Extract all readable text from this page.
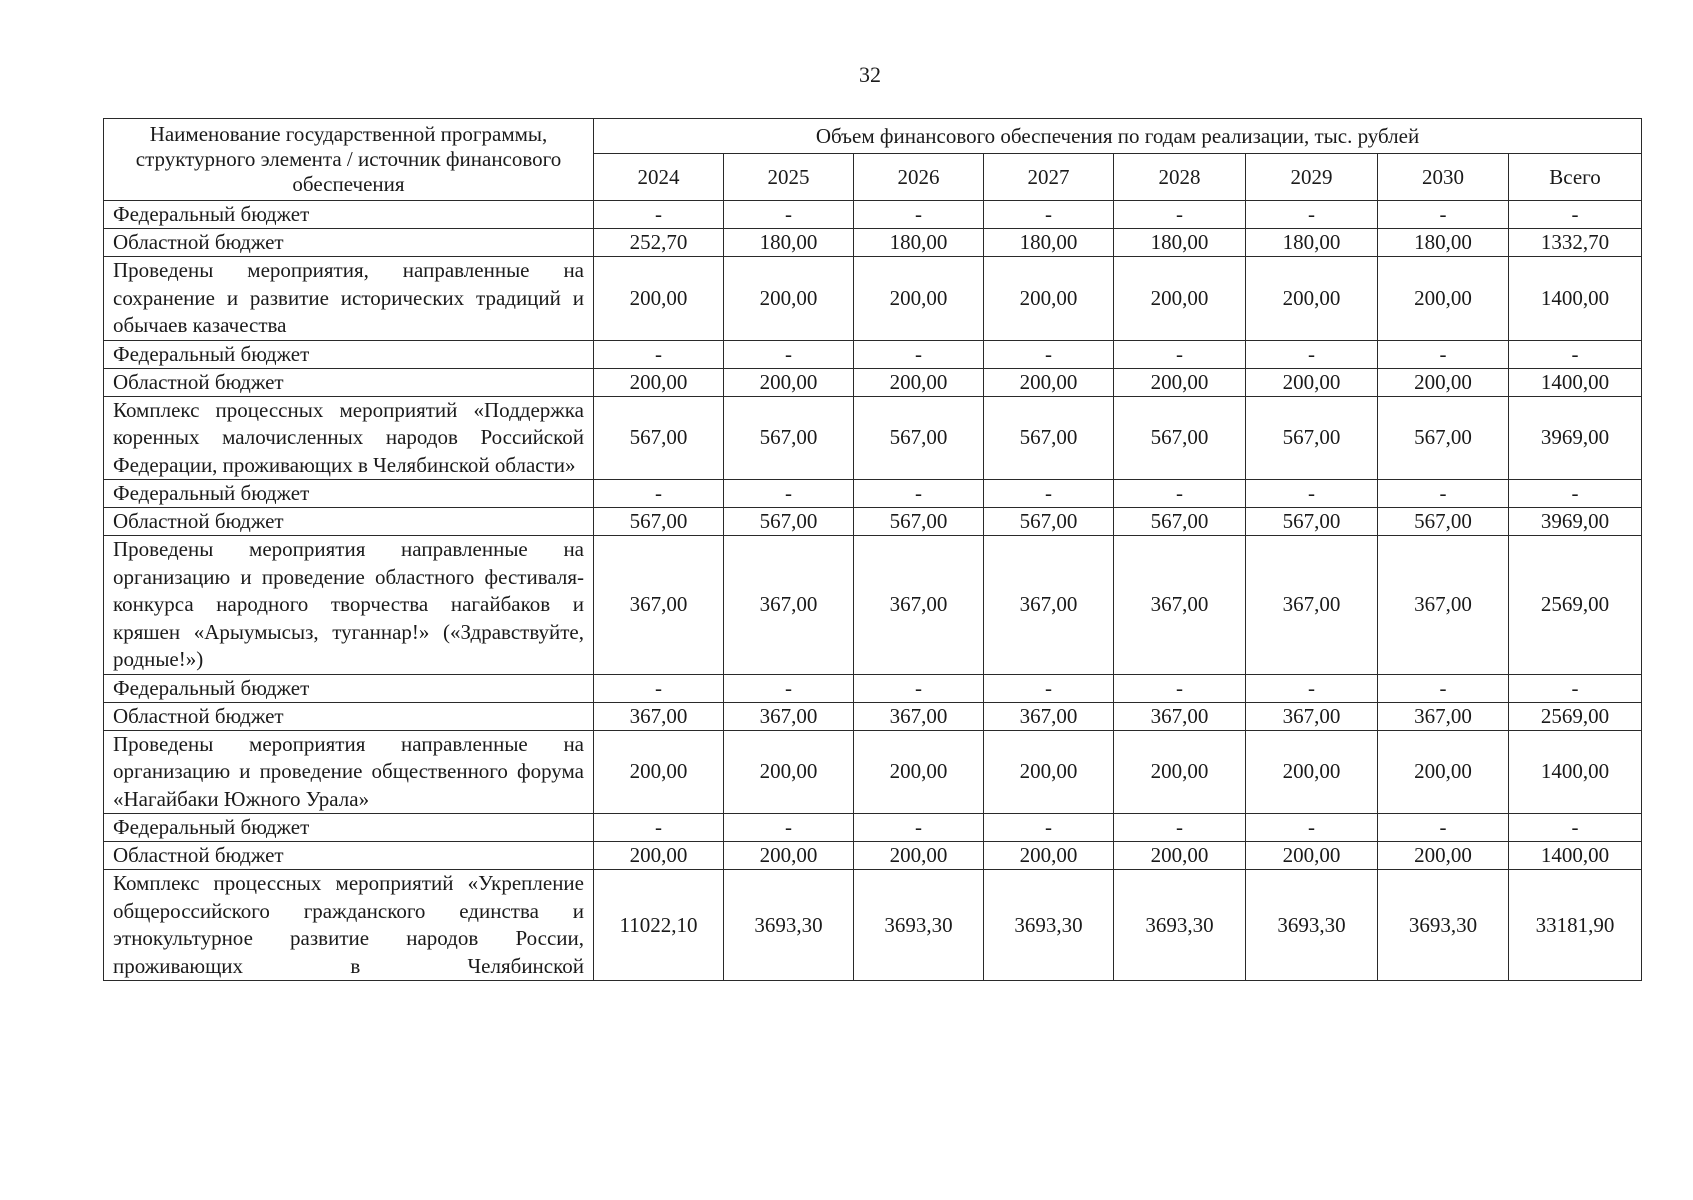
32
Наименование государственной программы, структурного элемента / источник финансового обеспечения	Объем финансового обеспечения по годам реализации, тыс. рублей							
	2024	2025	2026	2027	2028	2029	2030	Всего
Федеральный бюджет	-	-	-	-	-	-	-	-
Областной бюджет	252,70	180,00	180,00	180,00	180,00	180,00	180,00	1332,70
Проведены мероприятия, направленные на сохранение и развитие исторических традиций и обычаев казачества	200,00	200,00	200,00	200,00	200,00	200,00	200,00	1400,00
Федеральный бюджет	-	-	-	-	-	-	-	-
Областной бюджет	200,00	200,00	200,00	200,00	200,00	200,00	200,00	1400,00
Комплекс процессных мероприятий «Поддержка коренных малочисленных народов Российской Федерации, проживающих в Челябинской области»	567,00	567,00	567,00	567,00	567,00	567,00	567,00	3969,00
Федеральный бюджет	-	-	-	-	-	-	-	-
Областной бюджет	567,00	567,00	567,00	567,00	567,00	567,00	567,00	3969,00
Проведены мероприятия направленные на организацию и проведение областного фестиваля-конкурса народного творчества нагайбаков и кряшен «Арыумысыз, туганнар!» («Здравствуйте, родные!»)	367,00	367,00	367,00	367,00	367,00	367,00	367,00	2569,00
Федеральный бюджет	-	-	-	-	-	-	-	-
Областной бюджет	367,00	367,00	367,00	367,00	367,00	367,00	367,00	2569,00
Проведены мероприятия направленные на организацию и проведение общественного форума «Нагайбаки Южного Урала»	200,00	200,00	200,00	200,00	200,00	200,00	200,00	1400,00
Федеральный бюджет	-	-	-	-	-	-	-	-
Областной бюджет	200,00	200,00	200,00	200,00	200,00	200,00	200,00	1400,00
Комплекс процессных мероприятий «Укрепление общероссийского гражданского единства и этнокультурное развитие народов России, проживающих в Челябинской	11022,10	3693,30	3693,30	3693,30	3693,30	3693,30	3693,30	33181,90
